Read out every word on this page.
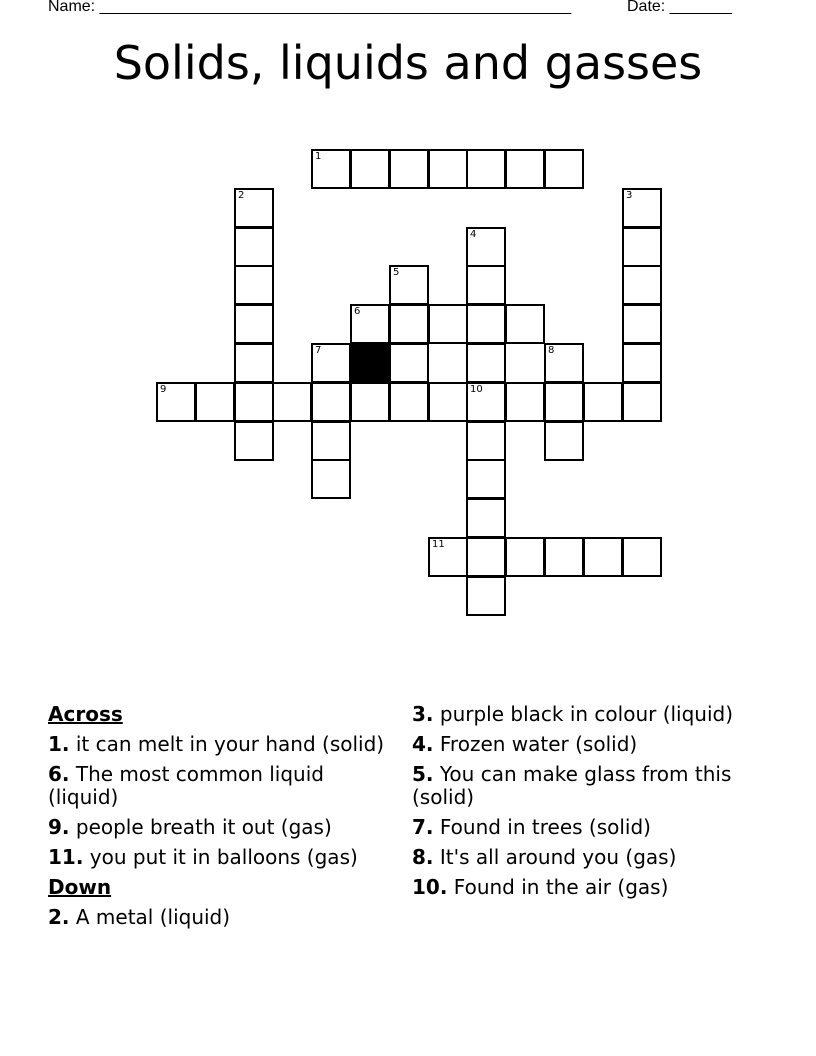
Name: _____________________________________________________	Date: _______
Solids, liquids and gasses
1
6
9	10
11
2	3
4
5
7	8
Across
1. it can melt in your hand (solid)
6. The most common liquid (liquid)
9. people breath it out (gas)
11. you put it in balloons (gas)
Down
2. A metal (liquid)
3. purple black in colour (liquid)
4. Frozen water (solid)
5. You can make glass from this (solid)
7. Found in trees (solid)
8. It's all around you (gas)
10. Found in the air (gas)
